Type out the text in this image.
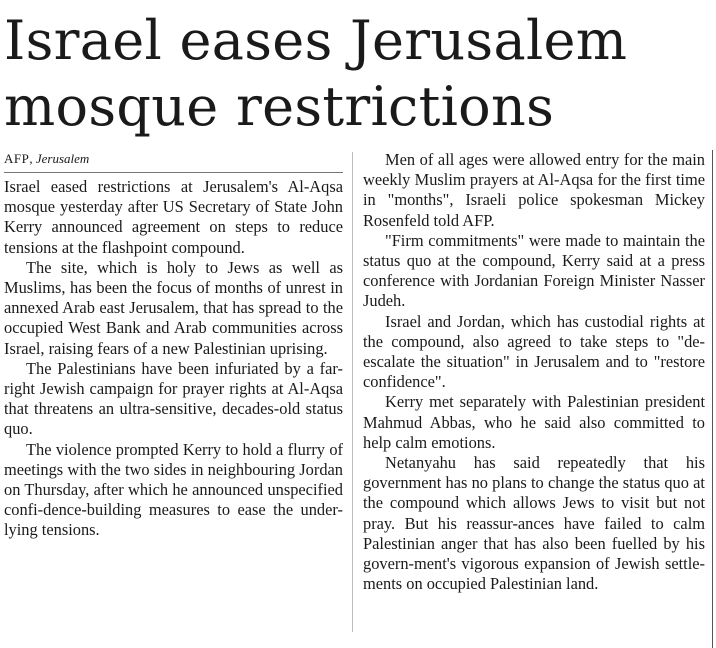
Israel eases Jerusalem mosque restrictions
AFP, Jerusalem

Israel eased restrictions at Jerusalem's Al-Aqsa mosque yesterday after US Secretary of State John Kerry announced agreement on steps to reduce tensions at the flashpoint compound.

The site, which is holy to Jews as well as Muslims, has been the focus of months of unrest in annexed Arab east Jerusalem, that has spread to the occupied West Bank and Arab communities across Israel, raising fears of a new Palestinian uprising.

The Palestinians have been infuriated by a far-right Jewish campaign for prayer rights at Al-Aqsa that threatens an ultra-sensitive, decades-old status quo.

The violence prompted Kerry to hold a flurry of meetings with the two sides in neighbouring Jordan on Thursday, after which he announced unspecified confi-dence-building measures to ease the under-lying tensions.

Men of all ages were allowed entry for the main weekly Muslim prayers at Al-Aqsa for the first time in "months", Israeli police spokesman Mickey Rosenfeld told AFP.

"Firm commitments" were made to maintain the status quo at the compound, Kerry said at a press conference with Jordanian Foreign Minister Nasser Judeh.

Israel and Jordan, which has custodial rights at the compound, also agreed to take steps to "de-escalate the situation" in Jerusalem and to "restore confidence".

Kerry met separately with Palestinian president Mahmud Abbas, who he said also committed to help calm emotions.

Netanyahu has said repeatedly that his government has no plans to change the status quo at the compound which allows Jews to visit but not pray. But his reassur-ances have failed to calm Palestinian anger that has also been fuelled by his govern-ment's vigorous expansion of Jewish settle-ments on occupied Palestinian land.
